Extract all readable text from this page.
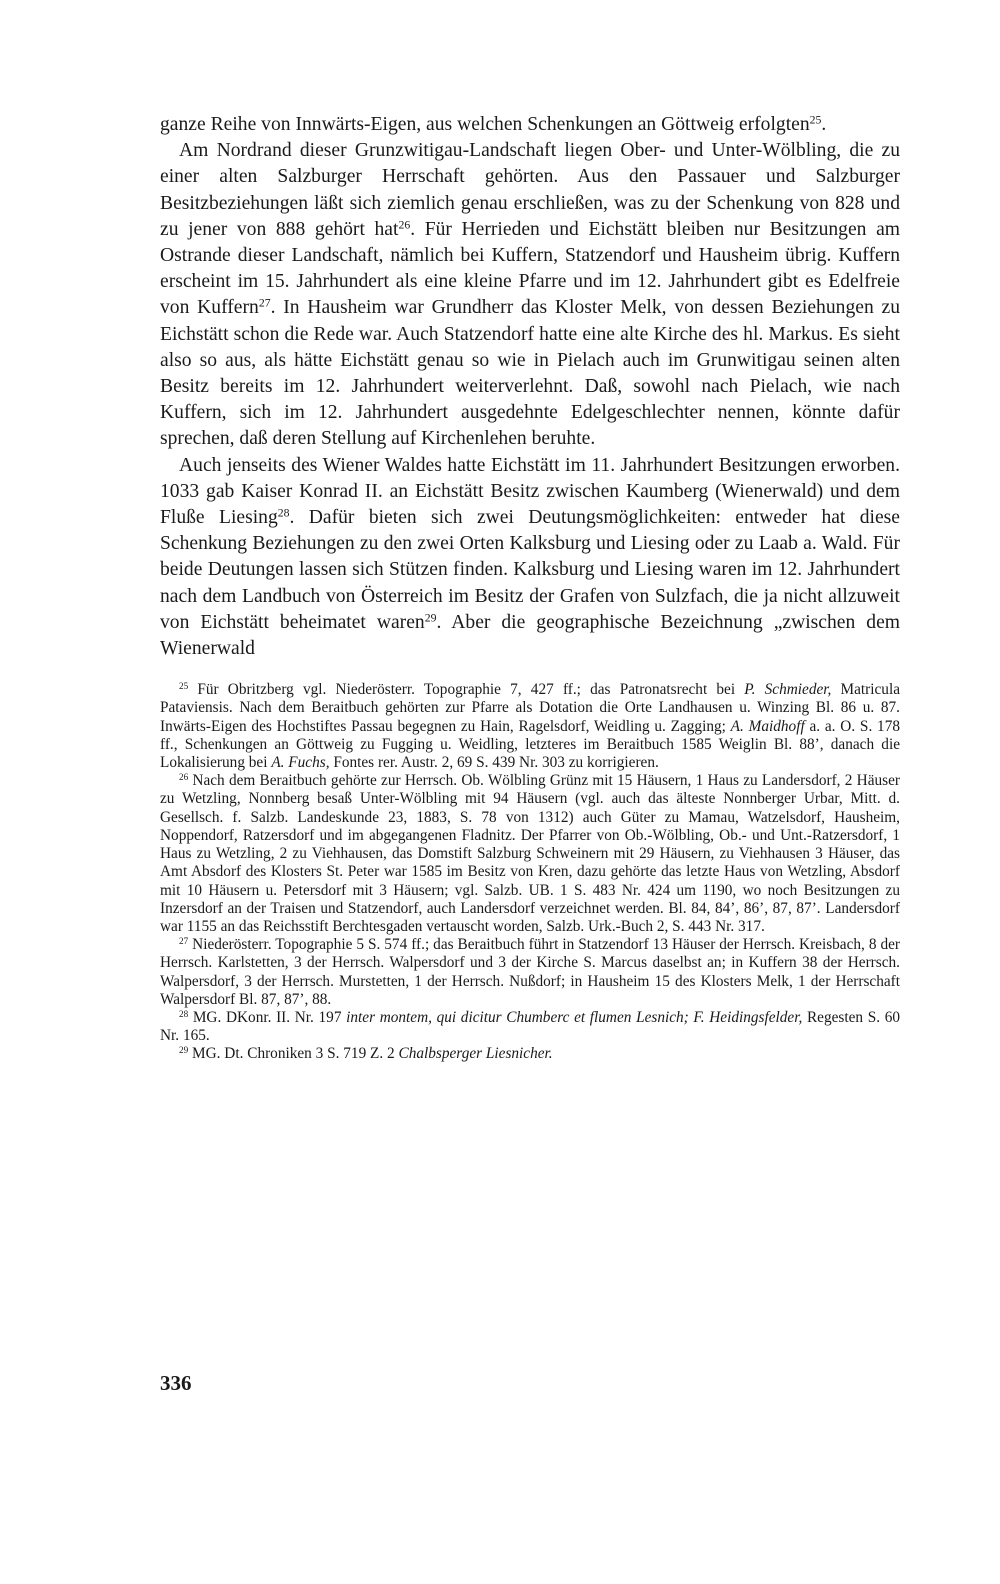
ganze Reihe von Innwärts-Eigen, aus welchen Schenkungen an Göttweig erfolgten$^{25}$.

Am Nordrand dieser Grunzwitigau-Landschaft liegen Ober- und Unter-Wölbling, die zu einer alten Salzburger Herrschaft gehörten. Aus den Passauer und Salzburger Besitzbeziehungen läßt sich ziemlich genau erschließen, was zu der Schenkung von 828 und zu jener von 888 gehört hat$^{26}$. Für Herrieden und Eichstätt bleiben nur Besitzungen am Ostrande dieser Landschaft, nämlich bei Kuffern, Statzendorf und Hausheim übrig. Kuffern erscheint im 15. Jahrhundert als eine kleine Pfarre und im 12. Jahrhundert gibt es Edelfreie von Kuffern$^{27}$. In Hausheim war Grundherr das Kloster Melk, von dessen Beziehungen zu Eichstätt schon die Rede war. Auch Statzendorf hatte eine alte Kirche des hl. Markus. Es sieht also so aus, als hätte Eichstätt genau so wie in Pielach auch im Grunwitigau seinen alten Besitz bereits im 12. Jahrhundert weiterverlehnt. Daß, sowohl nach Pielach, wie nach Kuffern, sich im 12. Jahrhundert ausgedehnte Edelgeschlechter nennen, könnte dafür sprechen, daß deren Stellung auf Kirchenlehen beruhte.

Auch jenseits des Wiener Waldes hatte Eichstätt im 11. Jahrhundert Besitzungen erworben. 1033 gab Kaiser Konrad II. an Eichstätt Besitz zwischen Kaumberg (Wienerwald) und dem Fluße Liesing$^{28}$. Dafür bieten sich zwei Deutungsmöglichkeiten: entweder hat diese Schenkung Beziehungen zu den zwei Orten Kalksburg und Liesing oder zu Laab a. Wald. Für beide Deutungen lassen sich Stützen finden. Kalksburg und Liesing waren im 12. Jahrhundert nach dem Landbuch von Österreich im Besitz der Grafen von Sulzfach, die ja nicht allzuweit von Eichstätt beheimatet waren$^{29}$. Aber die geographische Bezeichnung „zwischen dem Wienerwald

$^{25}$ Für Obritzberg vgl. Niederösterr. Topographie 7, 427 ff.; das Patronatsrecht bei P. Schmieder, Matricula Pataviensis. Nach dem Beraitbuch gehörten zur Pfarre als Dotation die Orte Landhausen u. Winzing Bl. 86 u. 87. Inwärts-Eigen des Hochstiftes Passau begegnen zu Hain, Ragelsdorf, Weidling u. Zagging; A. Maidhoff a. a. O. S. 178 ff., Schenkungen an Göttweig zu Fugging u. Weidling, letzteres im Beraitbuch 1585 Weiglin Bl. 88’, danach die Lokalisierung bei A. Fuchs, Fontes rer. Austr. 2, 69 S. 439 Nr. 303 zu korrigieren.

$^{26}$ Nach dem Beraitbuch gehörte zur Herrsch. Ob. Wölbling Grünz mit 15 Häusern, 1 Haus zu Landersdorf, 2 Häuser zu Wetzling, Nonnberg besaß Unter-Wölbling mit 94 Häusern (vgl. auch das älteste Nonnberger Urbar, Mitt. d. Gesellsch. f. Salzb. Landeskunde 23, 1883, S. 78 von 1312) auch Güter zu Mamau, Watzelsdorf, Hausheim, Noppendorf, Ratzersdorf und im abgegangenen Fladnitz. Der Pfarrer von Ob.-Wölbling, Ob.- und Unt.-Ratzersdorf, 1 Haus zu Wetzling, 2 zu Viehhausen, das Domstift Salzburg Schweinern mit 29 Häusern, zu Viehhausen 3 Häuser, das Amt Absdorf des Klosters St. Peter war 1585 im Besitz von Kren, dazu gehörte das letzte Haus von Wetzling, Absdorf mit 10 Häusern u. Petersdorf mit 3 Häusern; vgl. Salzb. UB. 1 S. 483 Nr. 424 um 1190, wo noch Besitzungen zu Inzersdorf an der Traisen und Statzendorf, auch Landersdorf verzeichnet werden. Bl. 84, 84’, 86’, 87, 87’. Landersdorf war 1155 an das Reichsstift Berchtesgaden vertauscht worden, Salzb. Urk.-Buch 2, S. 443 Nr. 317.

$^{27}$ Niederösterr. Topographie 5 S. 574 ff.; das Beraitbuch führt in Statzendorf 13 Häuser der Herrsch. Kreisbach, 8 der Herrsch. Karlstetten, 3 der Herrsch. Walpersdorf und 3 der Kirche S. Marcus daselbst an; in Kuffern 38 der Herrsch. Walpersdorf, 3 der Herrsch. Murstetten, 1 der Herrsch. Nußdorf; in Hausheim 15 des Klosters Melk, 1 der Herrschaft Walpersdorf Bl. 87, 87’, 88.

$^{28}$ MG. DKonr. II. Nr. 197 inter montem, qui dicitur Chumberc et flumen Lesnich; F. Heidingsfelder, Regesten S. 60 Nr. 165.

$^{29}$ MG. Dt. Chroniken 3 S. 719 Z. 2 Chalbsperger Liesnicher.

336
